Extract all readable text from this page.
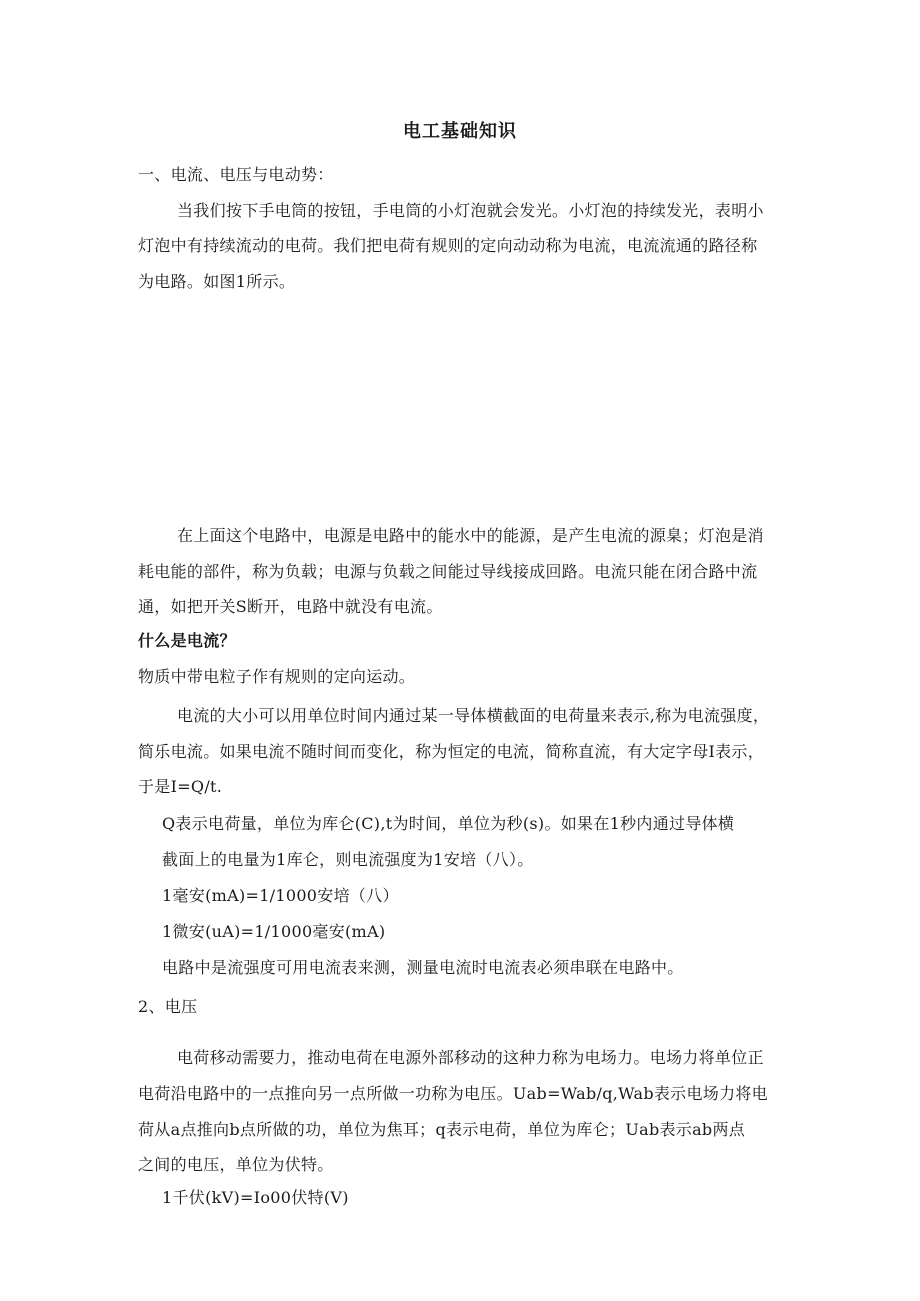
电工基础知识
一、电流、电压与电动势：
当我们按下手电筒的按钮，手电筒的小灯泡就会发光。小灯泡的持续发光，表明小
灯泡中有持续流动的电荷。我们把电荷有规则的定向动动称为电流，电流流通的路径称
为电路。如图1所示。
在上面这个电路中，电源是电路中的能水中的能源，是产生电流的源臬；灯泡是消
耗电能的部件，称为负载；电源与负载之间能过导线接成回路。电流只能在闭合路中流
通，如把开关S断开，电路中就没有电流。
什么是电流？
物质中带电粒子作有规则的定向运动。
电流的大小可以用单位时间内通过某一导体横截面的电荷量来表示,称为电流强度，
简乐电流。如果电流不随时间而变化，称为恒定的电流，简称直流，有大定字母I表示，
于是I=Q/t.
Q表示电荷量，单位为库仑(C),t为时间，单位为秒(s)。如果在1秒内通过导体横
截面上的电量为1库仑，则电流强度为1安培（八）。
1毫安(mA)=1/1000安培（八）
1微安(uA)=1/1000毫安(mA)
电路中是流强度可用电流表来测，测量电流时电流表必须串联在电路中。
2、电压
电荷移动需要力，推动电荷在电源外部移动的这种力称为电场力。电场力将单位正
电荷沿电路中的一点推向另一点所做一功称为电压。Uab=Wab/q,Wab表示电场力将电
荷从a点推向b点所做的功，单位为焦耳；q表示电荷，单位为库仑；Uab表示ab两点
之间的电压，单位为伏特。
1千伏(kV)=Io00伏特(V)
